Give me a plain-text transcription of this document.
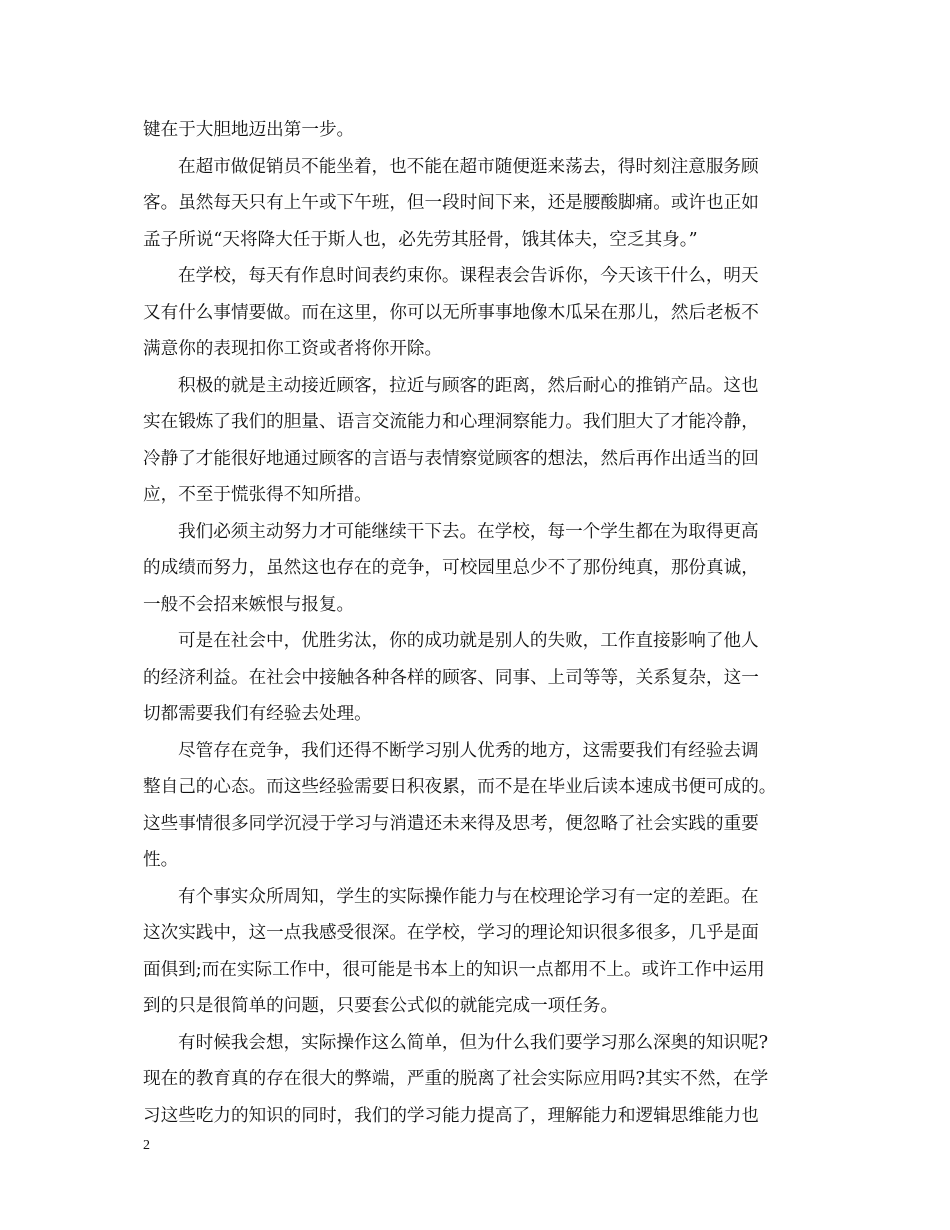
键在于大胆地迈出第一步。
在超市做促销员不能坐着，也不能在超市随便逛来荡去，得时刻注意服务顾
客。虽然每天只有上午或下午班，但一段时间下来，还是腰酸脚痛。或许也正如
孟子所说“天将降大任于斯人也，必先劳其胫骨，饿其体夫，空乏其身。”
在学校，每天有作息时间表约束你。课程表会告诉你，今天该干什么，明天
又有什么事情要做。而在这里，你可以无所事事地像木瓜呆在那儿，然后老板不
满意你的表现扣你工资或者将你开除。
积极的就是主动接近顾客，拉近与顾客的距离，然后耐心的推销产品。这也
实在锻炼了我们的胆量、语言交流能力和心理洞察能力。我们胆大了才能冷静，
冷静了才能很好地通过顾客的言语与表情察觉顾客的想法，然后再作出适当的回
应，不至于慌张得不知所措。
我们必须主动努力才可能继续干下去。在学校，每一个学生都在为取得更高
的成绩而努力，虽然这也存在的竞争，可校园里总少不了那份纯真，那份真诚，
一般不会招来嫉恨与报复。
可是在社会中，优胜劣汰，你的成功就是别人的失败，工作直接影响了他人
的经济利益。在社会中接触各种各样的顾客、同事、上司等等，关系复杂，这一
切都需要我们有经验去处理。
尽管存在竞争，我们还得不断学习别人优秀的地方，这需要我们有经验去调
整自己的心态。而这些经验需要日积夜累，而不是在毕业后读本速成书便可成的。
这些事情很多同学沉浸于学习与消遣还未来得及思考，便忽略了社会实践的重要
性。
有个事实众所周知，学生的实际操作能力与在校理论学习有一定的差距。在
这次实践中，这一点我感受很深。在学校，学习的理论知识很多很多，几乎是面
面俱到;而在实际工作中，很可能是书本上的知识一点都用不上。或许工作中运用
到的只是很简单的问题，只要套公式似的就能完成一项任务。
有时候我会想，实际操作这么简单，但为什么我们要学习那么深奥的知识呢?
现在的教育真的存在很大的弊端，严重的脱离了社会实际应用吗?其实不然，在学
习这些吃力的知识的同时，我们的学习能力提高了，理解能力和逻辑思维能力也
2
